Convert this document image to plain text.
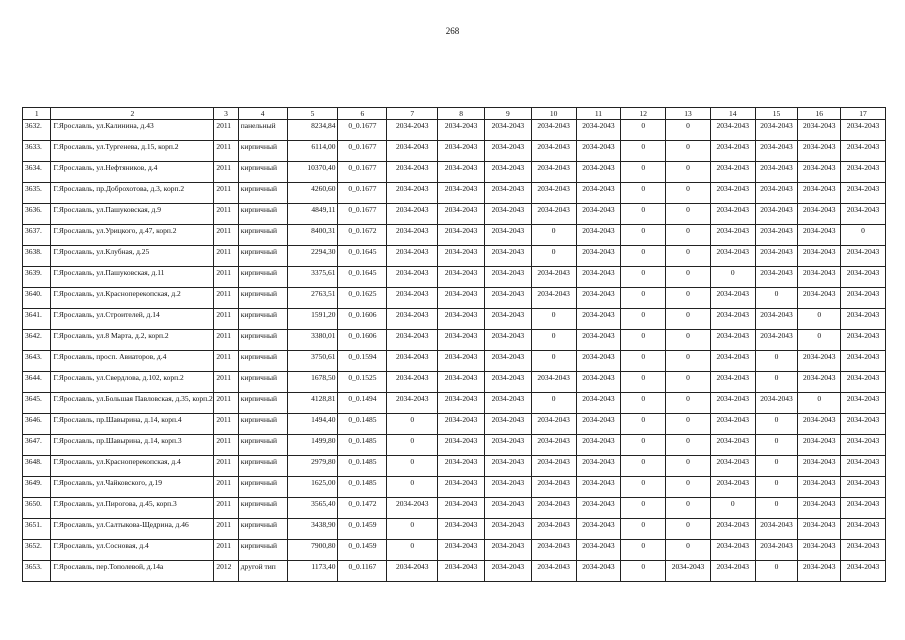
268
1	2	3	4	5	6	7	8	9	10	11	12	13	14	15	16	17
3632.	Г.Ярославль, ул.Калинина, д.43	2011	панельный	8234,84	0_0.1677	2034-2043	2034-2043	2034-2043	2034-2043	2034-2043	0	0	2034-2043	2034-2043	2034-2043	2034-2043
3633.	Г.Ярославль, ул.Тургенева, д.15, корп.2	2011	кирпичный	6114,00	0_0.1677	2034-2043	2034-2043	2034-2043	2034-2043	2034-2043	0	0	2034-2043	2034-2043	2034-2043	2034-2043
3634.	Г.Ярославль, ул.Нефтяников, д.4	2011	кирпичный	10370,40	0_0.1677	2034-2043	2034-2043	2034-2043	2034-2043	2034-2043	0	0	2034-2043	2034-2043	2034-2043	2034-2043
3635.	Г.Ярославль, пр.Доброхотова, д.3, корп.2	2011	кирпичный	4260,60	0_0.1677	2034-2043	2034-2043	2034-2043	2034-2043	2034-2043	0	0	2034-2043	2034-2043	2034-2043	2034-2043
3636.	Г.Ярославль, ул.Пашуковская, д.9	2011	кирпичный	4849,11	0_0.1677	2034-2043	2034-2043	2034-2043	2034-2043	2034-2043	0	0	2034-2043	2034-2043	2034-2043	2034-2043
3637.	Г.Ярославль, ул.Урицкого, д.47, корп.2	2011	кирпичный	8400,31	0_0.1672	2034-2043	2034-2043	2034-2043	0	2034-2043	0	0	2034-2043	2034-2043	2034-2043	0
3638.	Г.Ярославль, ул.Клубная, д.25	2011	кирпичный	2294,30	0_0.1645	2034-2043	2034-2043	2034-2043	0	2034-2043	0	0	2034-2043	2034-2043	2034-2043	2034-2043
3639.	Г.Ярославль, ул.Пашуковская, д.11	2011	кирпичный	3375,61	0_0.1645	2034-2043	2034-2043	2034-2043	2034-2043	2034-2043	0	0	0	2034-2043	2034-2043	2034-2043
3640.	Г.Ярославль, ул.Красноперекопская, д.2	2011	кирпичный	2763,51	0_0.1625	2034-2043	2034-2043	2034-2043	2034-2043	2034-2043	0	0	2034-2043	0	2034-2043	2034-2043
3641.	Г.Ярославль, ул.Строителей, д.14	2011	кирпичный	1591,20	0_0.1606	2034-2043	2034-2043	2034-2043	0	2034-2043	0	0	2034-2043	2034-2043	0	2034-2043
3642.	Г.Ярославль, ул.8 Марта, д.2, корп.2	2011	кирпичный	3380,01	0_0.1606	2034-2043	2034-2043	2034-2043	0	2034-2043	0	0	2034-2043	2034-2043	0	2034-2043
3643.	Г.Ярославль, просп. Авиаторов, д.4	2011	кирпичный	3750,61	0_0.1594	2034-2043	2034-2043	2034-2043	0	2034-2043	0	0	2034-2043	0	2034-2043	2034-2043
3644.	Г.Ярославль, ул.Свердлова, д.102, корп.2	2011	кирпичный	1678,50	0_0.1525	2034-2043	2034-2043	2034-2043	2034-2043	2034-2043	0	0	2034-2043	0	2034-2043	2034-2043
3645.	Г.Ярославль, ул.Большая Павловская, д.35, корп.2	2011	кирпичный	4128,81	0_0.1494	2034-2043	2034-2043	2034-2043	0	2034-2043	0	0	2034-2043	2034-2043	0	2034-2043
3646.	Г.Ярославль, пр.Шавырина, д.14, корп.4	2011	кирпичный	1494,40	0_0.1485	0	2034-2043	2034-2043	2034-2043	2034-2043	0	0	2034-2043	0	2034-2043	2034-2043
3647.	Г.Ярославль, пр.Шавырина, д.14, корп.3	2011	кирпичный	1499,80	0_0.1485	0	2034-2043	2034-2043	2034-2043	2034-2043	0	0	2034-2043	0	2034-2043	2034-2043
3648.	Г.Ярославль, ул.Красноперекопская, д.4	2011	кирпичный	2979,80	0_0.1485	0	2034-2043	2034-2043	2034-2043	2034-2043	0	0	2034-2043	0	2034-2043	2034-2043
3649.	Г.Ярославль, ул.Чайковского, д.19	2011	кирпичный	1625,00	0_0.1485	0	2034-2043	2034-2043	2034-2043	2034-2043	0	0	2034-2043	0	2034-2043	2034-2043
3650.	Г.Ярославль, ул.Пирогова, д.45, корп.3	2011	кирпичный	3565,40	0_0.1472	2034-2043	2034-2043	2034-2043	2034-2043	2034-2043	0	0	0	0	2034-2043	2034-2043
3651.	Г.Ярославль, ул.Салтыкова-Щедрина, д.46	2011	кирпичный	3438,90	0_0.1459	0	2034-2043	2034-2043	2034-2043	2034-2043	0	0	2034-2043	2034-2043	2034-2043	2034-2043
3652.	Г.Ярославль, ул.Сосновая, д.4	2011	кирпичный	7900,80	0_0.1459	0	2034-2043	2034-2043	2034-2043	2034-2043	0	0	2034-2043	2034-2043	2034-2043	2034-2043
3653.	Г.Ярославль, пер.Тополевой, д.14а	2012	другой тип	1173,40	0_0.1167	2034-2043	2034-2043	2034-2043	2034-2043	2034-2043	0	2034-2043	2034-2043	0	2034-2043	2034-2043
